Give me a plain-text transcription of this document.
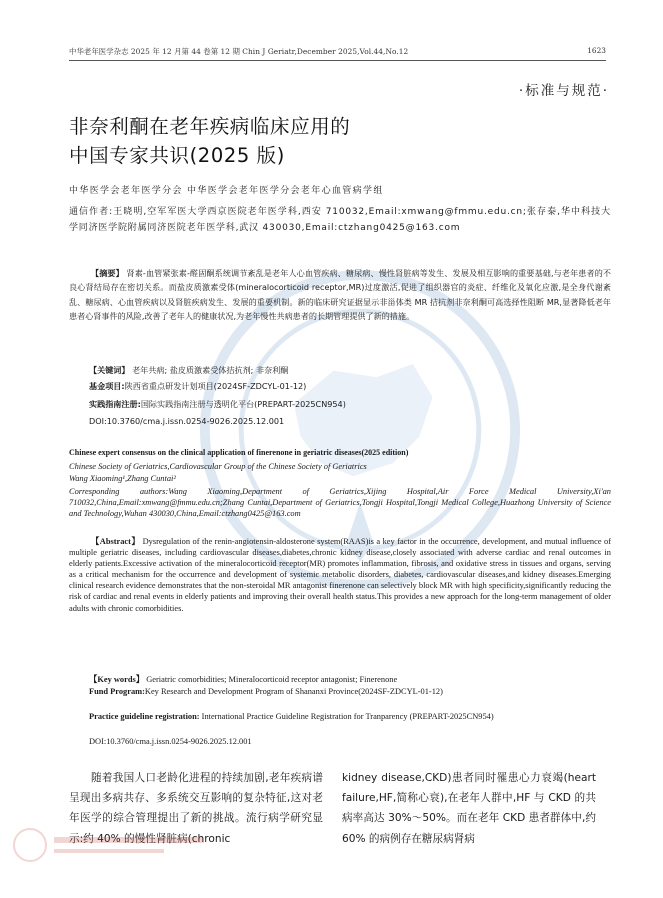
中华老年医学杂志 2025 年 12 月第 44 卷第 12 期 Chin J Geriatr,December 2025,Vol.44,No.12	1623
·标准与规范·
非奈利酮在老年疾病临床应用的
中国专家共识(2025 版)
中华医学会老年医学分会 中华医学会老年医学分会老年心血管病学组
通信作者:王晓明,空军军医大学西京医院老年医学科,西安 710032,Email:xmwang@fmmu.edu.cn;张存泰,华中科技大学同济医学院附属同济医院老年医学科,武汉 430030,Email:ctzhang0425@163.com
【摘要】 肾素-血管紧张素-醛固酮系统调节紊乱是老年人心血管疾病、糖尿病、慢性肾脏病等发生、发展及相互影响的重要基础,与老年患者的不良心肾结局存在密切关系。而盐皮质激素受体(mineralocorticoid receptor,MR)过度激活,促进了组织器官的炎症、纤维化及氧化应激,是全身代谢紊乱、糖尿病、心血管疾病以及肾脏疾病发生、发展的重要机制。新的临床研究证据显示非甾体类 MR 拮抗剂非奈利酮可高选择性阻断 MR,显著降低老年患者心肾事件的风险,改善了老年人的健康状况,为老年慢性共病患者的长期管理提供了新的措施。
【关键词】 老年共病; 盐皮质激素受体拮抗剂; 非奈利酮
基金项目:陕西省重点研发计划项目(2024SF-ZDCYL-01-12)
实践指南注册:国际实践指南注册与透明化平台(PREPART-2025CN954)
DOI:10.3760/cma.j.issn.0254-9026.2025.12.001
Chinese expert consensus on the clinical application of finerenone in geriatric diseases(2025 edition)
Chinese Society of Geriatrics,Cardiovascular Group of the Chinese Society of Geriatrics
Wang Xiaoming¹,Zhang Cuntai²
Corresponding authors:Wang Xiaoming,Department of Geriatrics,Xijing Hospital,Air Force Medical University,Xi'an 710032,China,Email:xmwang@fmmu.edu.cn;Zhang Cuntai,Department of Geriatrics,Tongji Hospital,Tongji Medical College,Huazhong University of Science and Technology,Wuhan 430030,China,Email:ctzhang0425@163.com
【Abstract】 Dysregulation of the renin-angiotensin-aldosterone system(RAAS)is a key factor in the occurrence, development, and mutual influence of multiple geriatric diseases, including cardiovascular diseases,diabetes,chronic kidney disease,closely associated with adverse cardiac and renal outcomes in elderly patients.Excessive activation of the mineralocorticoid receptor(MR) promotes inflammation, fibrosis, and oxidative stress in tissues and organs, serving as a critical mechanism for the occurrence and development of systemic metabolic disorders, diabetes, cardiovascular diseases,and kidney diseases.Emerging clinical research evidence demonstrates that the non-steroidal MR antagonist finerenone can selectively block MR with high specificity,significantly reducing the risk of cardiac and renal events in elderly patients and improving their overall health status.This provides a new approach for the long-term management of older adults with chronic comorbidities.
【Key words】 Geriatric comorbidities; Mineralocorticoid receptor antagonist; Finerenone
Fund Program:Key Research and Development Program of Shananxi Province(2024SF-ZDCYL-01-12)
Practice guideline registration: International Practice Guideline Registration for Tranparency (PREPART-2025CN954)
DOI:10.3760/cma.j.issn.0254-9026.2025.12.001
随着我国人口老龄化进程的持续加剧,老年疾病谱呈现出多病共存、多系统交互影响的复杂特征,这对老年医学的综合管理提出了新的挑战。流行病学研究显示:约 40% 的慢性肾脏病(chronic
kidney disease,CKD)患者同时罹患心力衰竭(heart failure,HF,简称心衰),在老年人群中,HF 与 CKD 的共病率高达 30%～50%。而在老年 CKD 患者群体中,约 60% 的病例存在糖尿病肾病
